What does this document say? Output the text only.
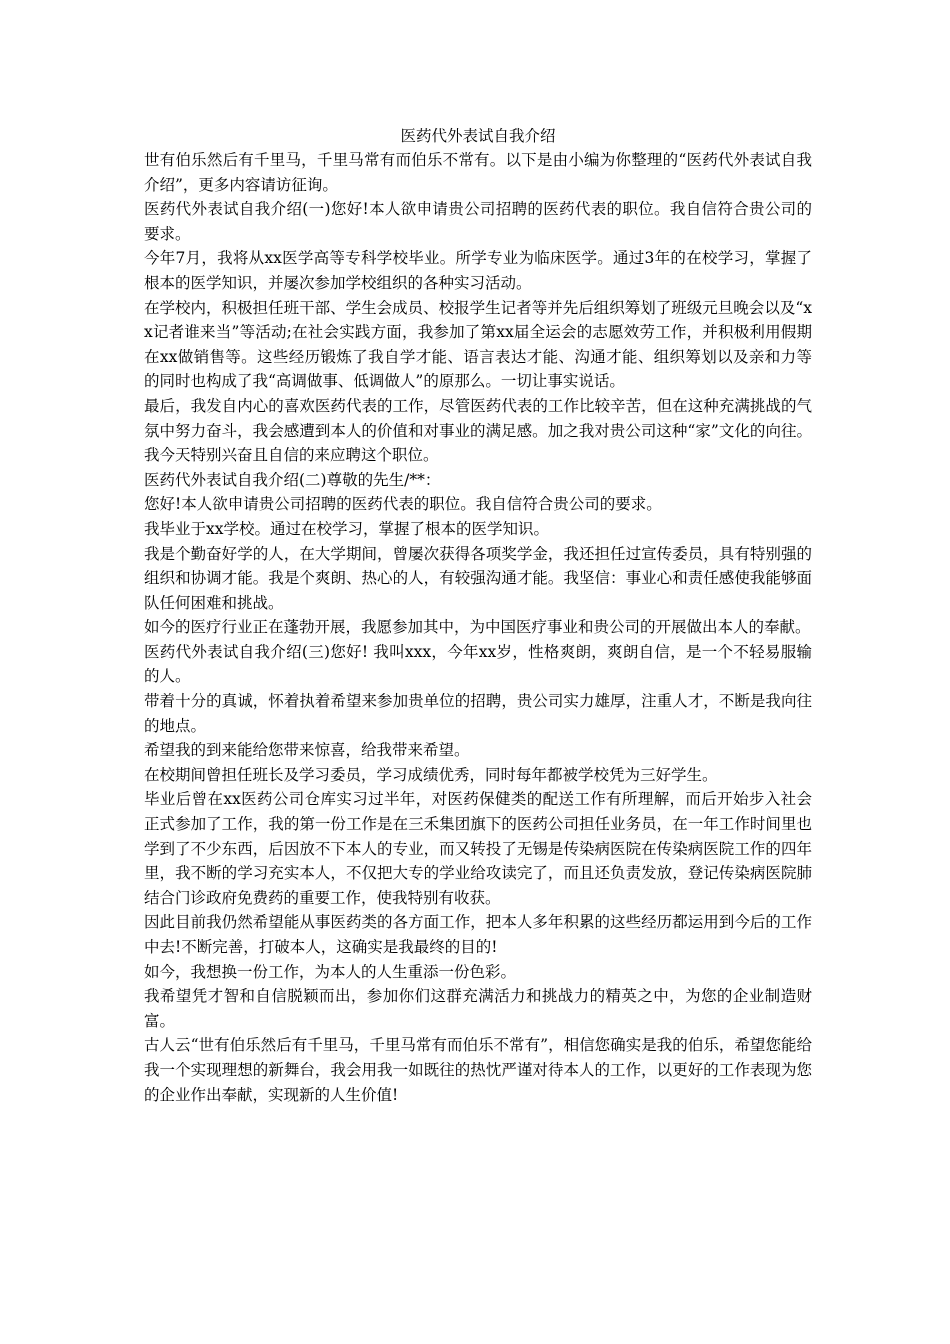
医药代外表试自我介绍

世有伯乐然后有千里马，千里马常有而伯乐不常有。以下是由小编为你整理的“医药代外表试自我介绍”，更多内容请访征询。

医药代外表试自我介绍(一)您好!本人欲申请贵公司招聘的医药代表的职位。我自信符合贵公司的要求。

今年7月，我将从xx医学高等专科学校毕业。所学专业为临床医学。通过3年的在校学习，掌握了根本的医学知识，并屡次参加学校组织的各种实习活动。

在学校内，积极担任班干部、学生会成员、校报学生记者等并先后组织筹划了班级元旦晚会以及“xx记者谁来当”等活动;在社会实践方面，我参加了第xx届全运会的志愿效劳工作，并积极利用假期在xx做销售等。这些经历锻炼了我自学才能、语言表达才能、沟通才能、组织筹划以及亲和力等的同时也构成了我“高调做事、低调做人”的原那么。一切让事实说话。

最后，我发自内心的喜欢医药代表的工作，尽管医药代表的工作比较辛苦，但在这种充满挑战的气氛中努力奋斗，我会感遭到本人的价值和对事业的满足感。加之我对贵公司这种“家”文化的向往。我今天特别兴奋且自信的来应聘这个职位。

医药代外表试自我介绍(二)尊敬的先生/**：

您好!本人欲申请贵公司招聘的医药代表的职位。我自信符合贵公司的要求。

我毕业于xx学校。通过在校学习，掌握了根本的医学知识。

我是个勤奋好学的人，在大学期间，曾屡次获得各项奖学金，我还担任过宣传委员，具有特别强的组织和协调才能。我是个爽朗、热心的人，有较强沟通才能。我坚信：事业心和责任感使我能够面队任何困难和挑战。

如今的医疗行业正在蓬勃开展，我愿参加其中，为中国医疗事业和贵公司的开展做出本人的奉献。

医药代外表试自我介绍(三)您好! 我叫xxx，今年xx岁，性格爽朗，爽朗自信，是一个不轻易服输的人。

带着十分的真诚，怀着执着希望来参加贵单位的招聘，贵公司实力雄厚，注重人才，不断是我向往的地点。

希望我的到来能给您带来惊喜，给我带来希望。

在校期间曾担任班长及学习委员，学习成绩优秀，同时每年都被学校凭为三好学生。

毕业后曾在xx医药公司仓库实习过半年，对医药保健类的配送工作有所理解，而后开始步入社会正式参加了工作，我的第一份工作是在三禾集团旗下的医药公司担任业务员，在一年工作时间里也学到了不少东西，后因放不下本人的专业，而又转投了无锡是传染病医院在传染病医院工作的四年里，我不断的学习充实本人，不仅把大专的学业给攻读完了，而且还负责发放，登记传染病医院肺结合门诊政府免费药的重要工作，使我特别有收获。

因此目前我仍然希望能从事医药类的各方面工作，把本人多年积累的这些经历都运用到今后的工作中去!不断完善，打破本人，这确实是我最终的目的!

如今，我想换一份工作，为本人的人生重添一份色彩。

我希望凭才智和自信脱颖而出，参加你们这群充满活力和挑战力的精英之中，为您的企业制造财富。

古人云“世有伯乐然后有千里马，千里马常有而伯乐不常有”，相信您确实是我的伯乐，希望您能给我一个实现理想的新舞台，我会用我一如既往的热忱严谨对待本人的工作，以更好的工作表现为您的企业作出奉献，实现新的人生价值!
